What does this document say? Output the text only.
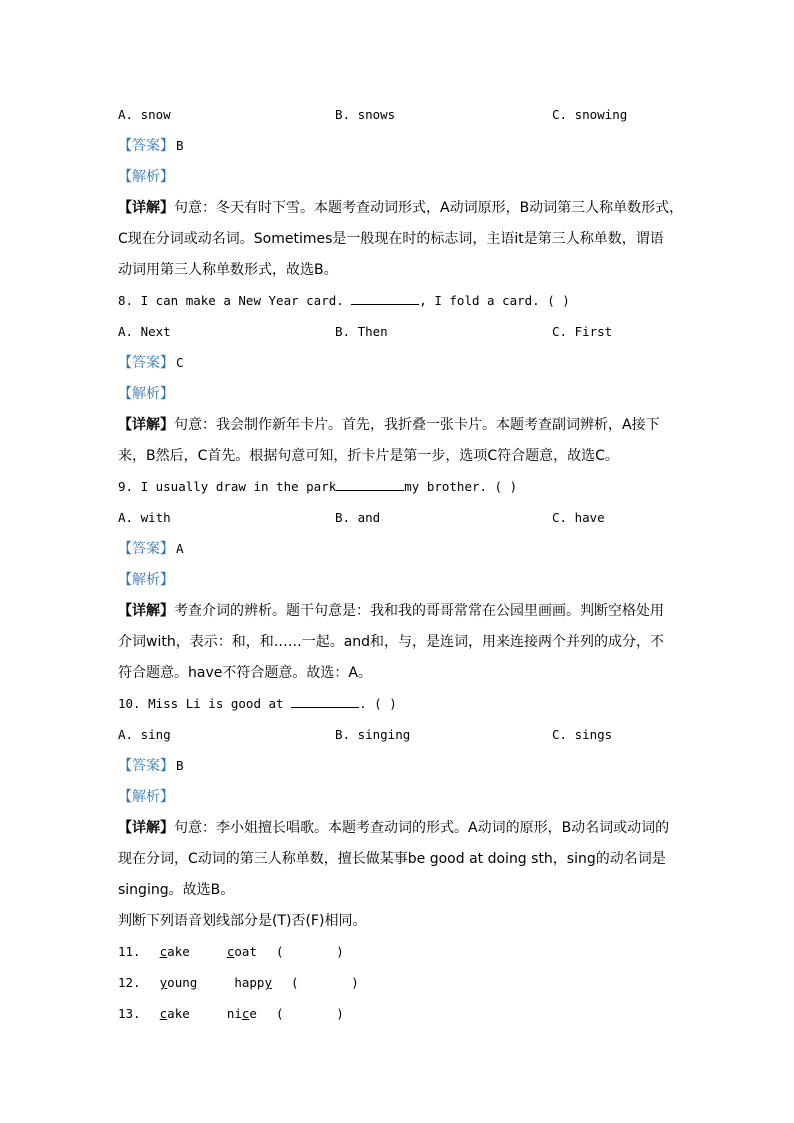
A. snow	B. snows	C. snowing
【答案】 B
【解析】
【详解】句意：冬天有时下雪。本题考查动词形式，A动词原形，B动词第三人称单数形式，
C现在分词或动名词。Sometimes是一般现在时的标志词，主语it是第三人称单数，谓语
动词用第三人称单数形式，故选B。
8. I can make a New Year card.	, I fold a card. ( )
A. Next	B. Then	C. First
【答案】 C
【解析】
【详解】句意：我会制作新年卡片。首先，我折叠一张卡片。本题考查副词辨析，A接下
来，B然后，C首先。根据句意可知，折卡片是第一步，选项C符合题意，故选C。
9. I usually draw in the park	my brother. ( )
A. with	B. and	C. have
【答案】 A
【解析】
【详解】考查介词的辨析。题干句意是：我和我的哥哥常常在公园里画画。判断空格处用
介词with，表示：和，和……一起。and和，与，是连词，用来连接两个并列的成分，不
符合题意。have不符合题意。故选：A。
10. Miss Li is good at	. ( )
A. sing	B. singing	C. sings
【答案】 B
【解析】
【详解】句意：李小姐擅长唱歌。本题考查动词的形式。A动词的原形，B动名词或动词的
现在分词，C动词的第三人称单数，擅长做某事be good at doing sth，sing的动名词是
singing。故选B。
判断下列语音划线部分是(T)否(F)相同。
11. cake	coat (       )
12. young	happy (       )
13. cake	nice (       )
